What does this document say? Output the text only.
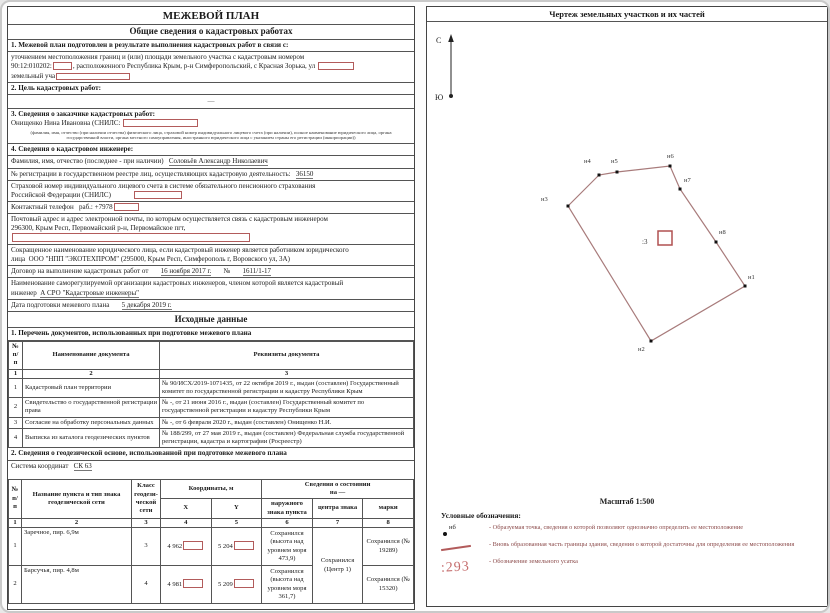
МЕЖЕВОЙ ПЛАН
Общие сведения о кадастровых работах
1. Межевой план подготовлен в результате выполнения кадастровых работ в связи с:
уточнением местоположения границ и (или) площади земельного участка с кадастровым номером
90:12:010202:	, расположенного Республика Крым, р-н Симферопольский, с Красная Зорька, ул
земельный уча
2. Цель кадастровых работ:
—
3. Сведения о заказчике кадастровых работ:
Онищенко Нина Ивановна (СНИЛС:
(фамилия, имя, отчество (при наличии отчества) физического лица, страховой номер индивидуального лицевого счета (при наличии), полное наименование юридического лица, органа государственной власти, органа местного самоуправления, иностранного юридического лица с указанием страны его регистрации (инкорпорации))
4. Сведения о кадастровом инженере:
Фамилия, имя, отчество (последнее - при наличии) Соловьёв Александр Николаевич
№ регистрации в государственном реестре лиц, осуществляющих кадастровую деятельность: 36150
Страховой номер индивидуального лицевого счета в системе обязательного пенсионного страхования
Российской Федерации (СНИЛС)
Контактный телефон раб.: +7978
Почтовый адрес и адрес электронной почты, по которым осуществляется связь с кадастровым инженером
296300, Крым Респ, Первомайский р-н, Первомайское пгт,
Сокращенное наименование юридического лица, если кадастровый инженер является работником юридического
лица ООО "НПП "ЭКОТЕХПРОМ" (295000, Крым Респ, Симферополь г, Воровского ул, 3А)
Договор на выполнение кадастровых работ от 16 ноября 2017 г. № 1611/1-17
Наименование саморегулируемой организации кадастровых инженеров, членом которой является кадастровый
инженер А СРО "Кадастровые инженеры"
Дата подготовки межевого плана 5 декабря 2019 г.
Исходные данные
1. Перечень документов, использованных при подготовке межевого плана
№ п/п	Наименование документа	Реквизиты документа
1	2	3
1	Кадастровый план территории	№ 90/ИСХ/2019-1071435, от 22 октября 2019 г., выдан (составлен) Государственный комитет по государственной регистрации и кадастру Республики Крым
2	Свидетельство о государственной регистрации права	№ -, от 21 июня 2016 г., выдан (составлен) Государственный комитет по государственной регистрации и кадастру Республики Крым
3	Согласие на обработку персональных данных	№ -, от 6 февраля 2020 г., выдан (составлен) Онищенко Н.И.
4	Выписка из каталога геодезических пунктов	№ 188/299, от 27 мая 2019 г., выдан (составлен) Федеральная служба государственной регистрации, кадастра и картографии (Росреестр)
2. Сведения о геодезической основе, использованной при подготовке межевого плана
Система координат СК 63
№ п/п	Название пункта и тип знака геодезической сети	Класс геодези- ческой сети	Координаты, м		Сведения о состоянии
на —		
			X	Y	наружного знака пункта	центра знака	марки
1	2	3	4	5	6	7	8
1	Заречное, пир. 6,9м	3	4 962	5 204	Сохранился (высота над уровнем моря 473,9)	Сохранился (Центр 1)	Сохранился (№ 19289)
2	Барсучья, пир. 4,8м	4	4 981	5 209	Сохранился (высота над уровнем моря 361,7)		Сохранился (№ 15320)
С
Ю
н3
н4	н5
н6
н7
н8
н1
н2
:3
Чертеж земельных участков и их частей
Масштаб 1:500
Условные обозначения:
нб	- Образуемая точка, сведения о которой позволяют однозначно определить ее местоположение
- Вновь образованная часть границы здания, сведения о которой достаточны для определения ее местоположения
:293	- Обозначение земельного усатка
